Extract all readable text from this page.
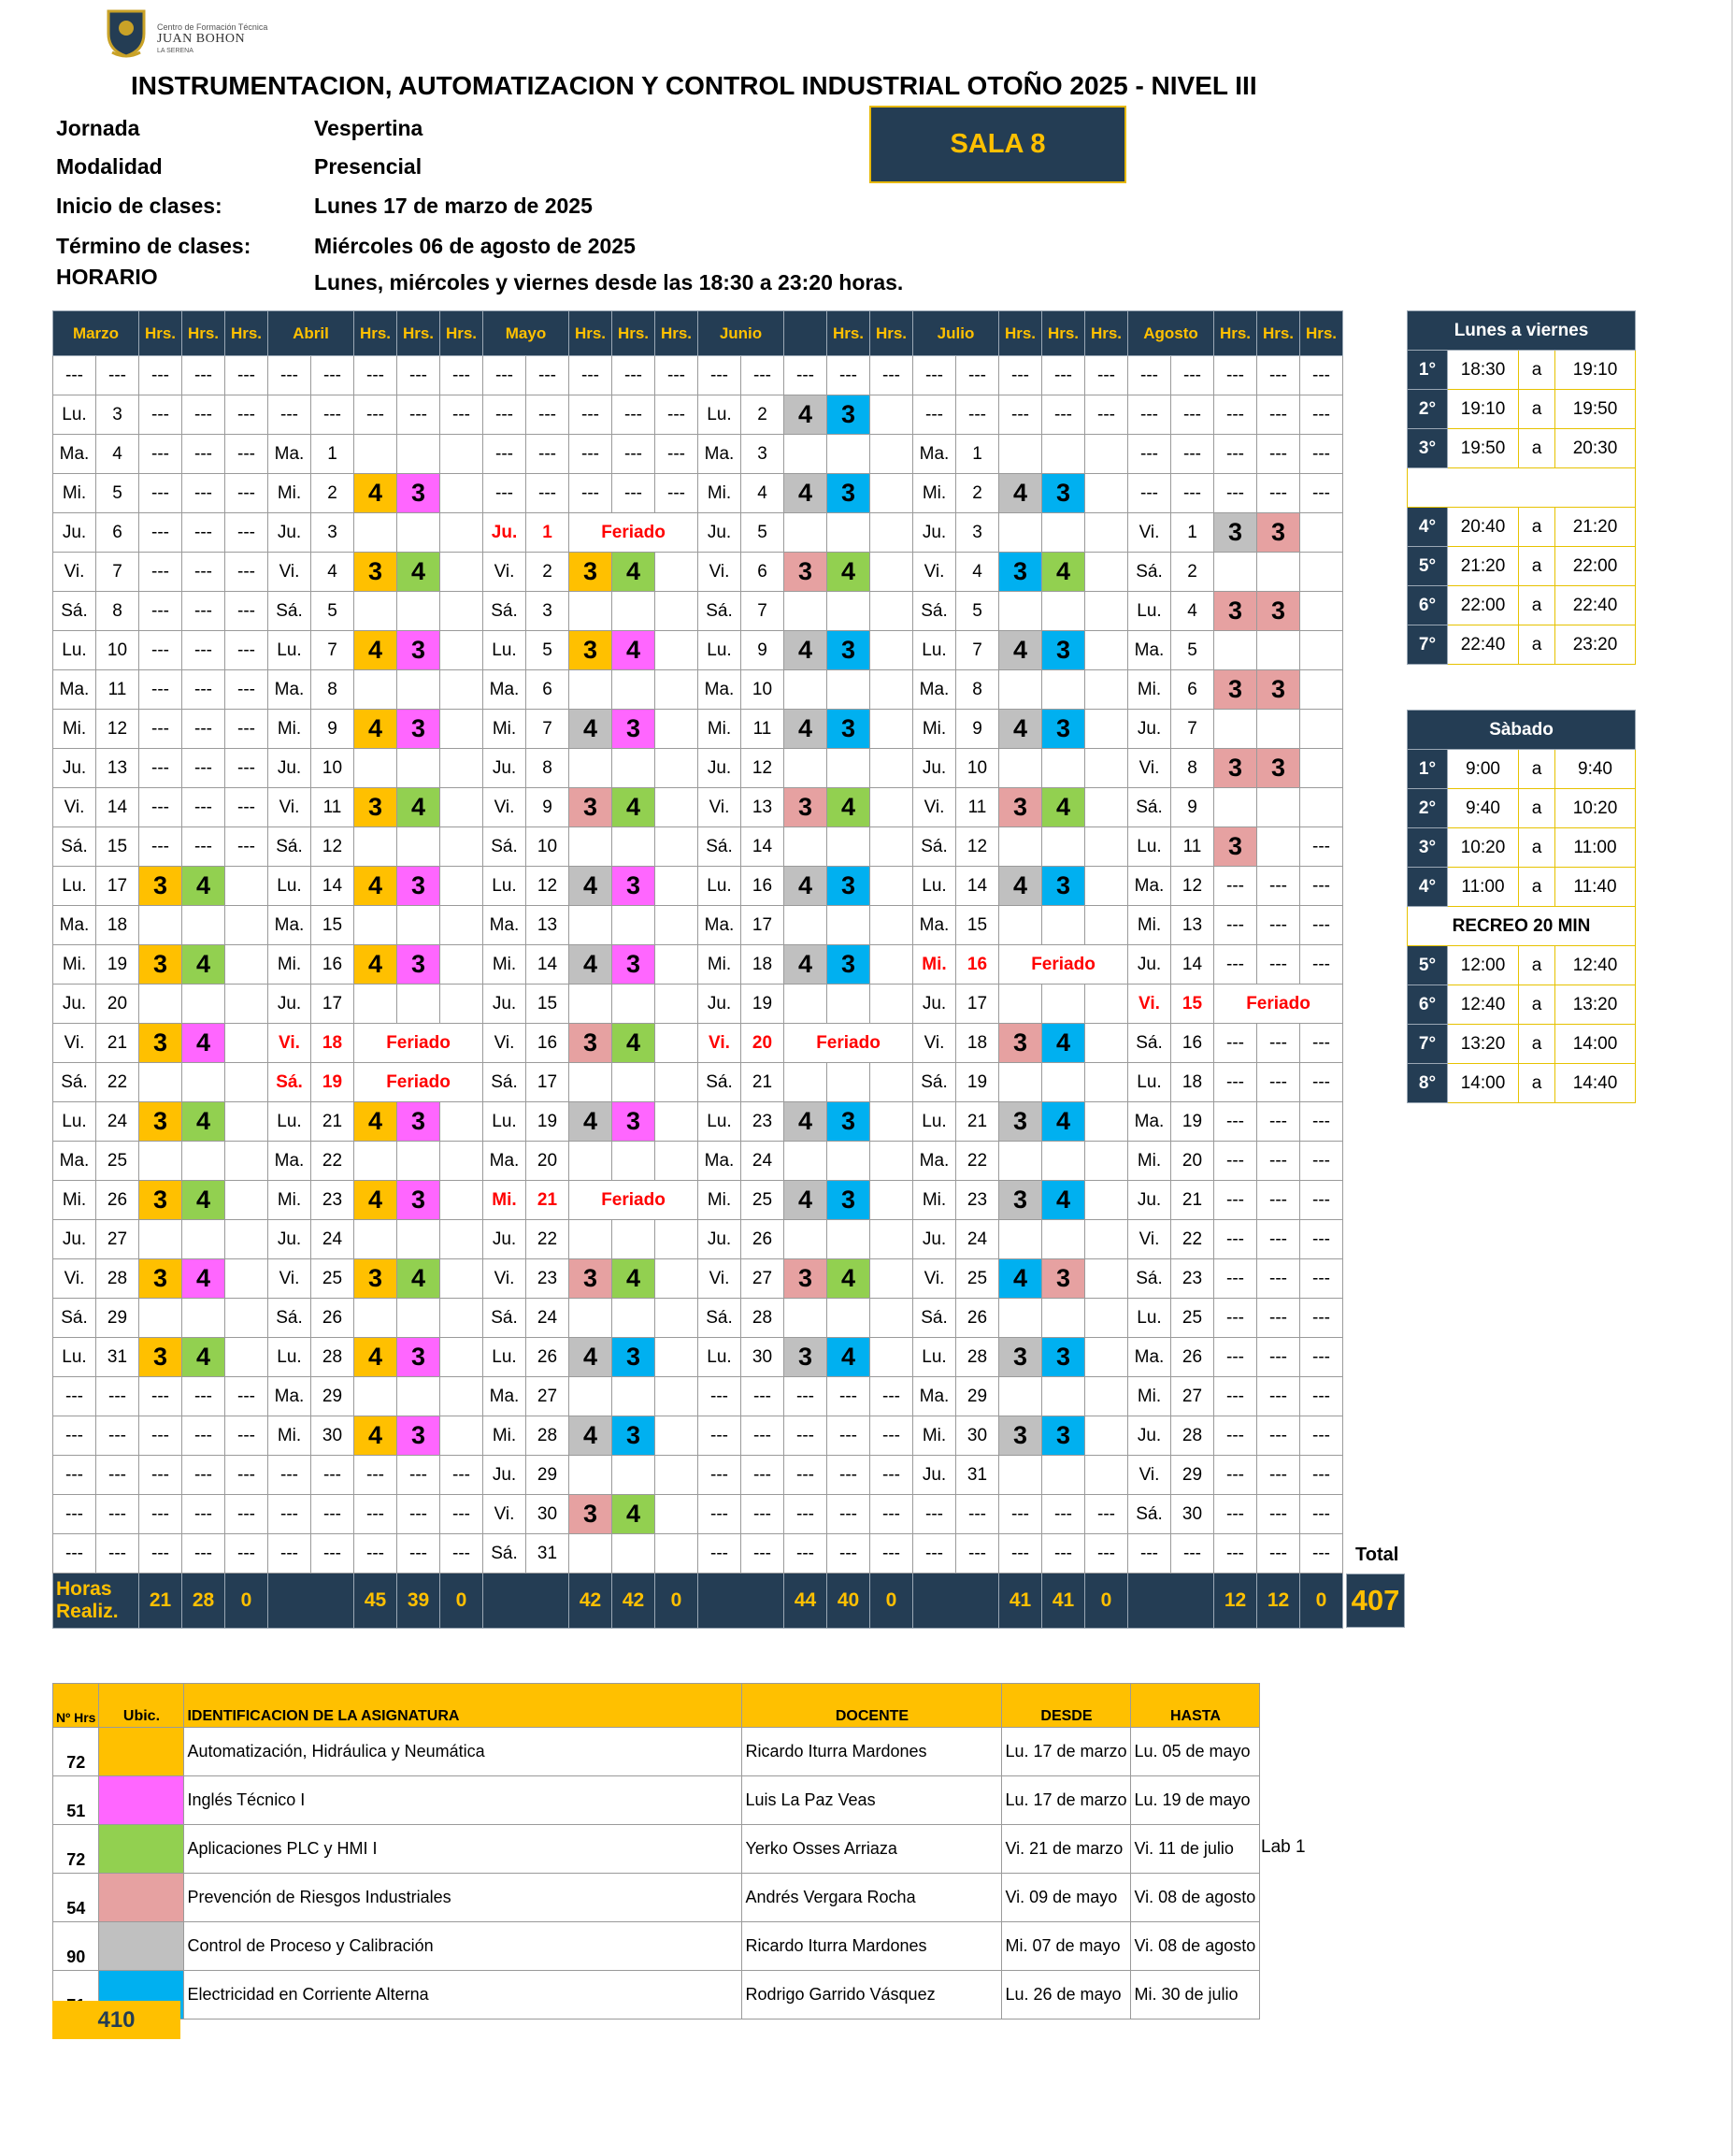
Centro de Formación Técnica
JUAN BOHON
LA SERENA
INSTRUMENTACION, AUTOMATIZACION Y CONTROL INDUSTRIAL OTOÑO 2025 - NIVEL III
Jornada	Vespertina
Modalidad	Presencial
Inicio de clases:	Lunes 17 de marzo de 2025
Término de clases:	Miércoles 06 de agosto de 2025
HORARIO	Lunes, miércoles y viernes desde las 18:30 a 23:20 horas.
SALA 8
Marzo		Hrs.	Hrs.	Hrs.	Abril		Hrs.	Hrs.	Hrs.	Mayo		Hrs.	Hrs.	Hrs.	Junio			Hrs.	Hrs.	Julio		Hrs.	Hrs.	Hrs.	Agosto		Hrs.	Hrs.	Hrs.
---	---	---	---	---	---	---	---	---	---	---	---	---	---	---	---	---	---	---	---	---	---	---	---	---	---	---	---	---	---
Lu.	3	---	---	---	---	---	---	---	---	---	---	---	---	---	Lu.	2	4	3		---	---	---	---	---	---	---	---	---	---
Ma.	4	---	---	---	Ma.	1				---	---	---	---	---	Ma.	3				Ma.	1				---	---	---	---	---
Mi.	5	---	---	---	Mi.	2	4	3		---	---	---	---	---	Mi.	4	4	3		Mi.	2	4	3		---	---	---	---	---
Ju.	6	---	---	---	Ju.	3				Ju.	1	Feriado			Ju.	5				Ju.	3				Vi.	1	3	3	
Vi.	7	---	---	---	Vi.	4	3	4		Vi.	2	3	4		Vi.	6	3	4		Vi.	4	3	4		Sá.	2			
Sá.	8	---	---	---	Sá.	5				Sá.	3				Sá.	7				Sá.	5				Lu.	4	3	3	
Lu.	10	---	---	---	Lu.	7	4	3		Lu.	5	3	4		Lu.	9	4	3		Lu.	7	4	3		Ma.	5			
Ma.	11	---	---	---	Ma.	8				Ma.	6				Ma.	10				Ma.	8				Mi.	6	3	3	
Mi.	12	---	---	---	Mi.	9	4	3		Mi.	7	4	3		Mi.	11	4	3		Mi.	9	4	3		Ju.	7			
Ju.	13	---	---	---	Ju.	10				Ju.	8				Ju.	12				Ju.	10				Vi.	8	3	3	
Vi.	14	---	---	---	Vi.	11	3	4		Vi.	9	3	4		Vi.	13	3	4		Vi.	11	3	4		Sá.	9			
Sá.	15	---	---	---	Sá.	12				Sá.	10				Sá.	14				Sá.	12				Lu.	11	3		---
Lu.	17	3	4		Lu.	14	4	3		Lu.	12	4	3		Lu.	16	4	3		Lu.	14	4	3		Ma.	12	---	---	---
Ma.	18				Ma.	15				Ma.	13				Ma.	17				Ma.	15				Mi.	13	---	---	---
Mi.	19	3	4		Mi.	16	4	3		Mi.	14	4	3		Mi.	18	4	3		Mi.	16	Feriado			Ju.	14	---	---	---
Ju.	20				Ju.	17				Ju.	15				Ju.	19				Ju.	17				Vi.	15	Feriado		
Vi.	21	3	4		Vi.	18	Feriado			Vi.	16	3	4		Vi.	20	Feriado			Vi.	18	3	4		Sá.	16	---	---	---
Sá.	22				Sá.	19	Feriado			Sá.	17				Sá.	21				Sá.	19				Lu.	18	---	---	---
Lu.	24	3	4		Lu.	21	4	3		Lu.	19	4	3		Lu.	23	4	3		Lu.	21	3	4		Ma.	19	---	---	---
Ma.	25				Ma.	22				Ma.	20				Ma.	24				Ma.	22				Mi.	20	---	---	---
Mi.	26	3	4		Mi.	23	4	3		Mi.	21	Feriado			Mi.	25	4	3		Mi.	23	3	4		Ju.	21	---	---	---
Ju.	27				Ju.	24				Ju.	22				Ju.	26				Ju.	24				Vi.	22	---	---	---
Vi.	28	3	4		Vi.	25	3	4		Vi.	23	3	4		Vi.	27	3	4		Vi.	25	4	3		Sá.	23	---	---	---
Sá.	29				Sá.	26				Sá.	24				Sá.	28				Sá.	26				Lu.	25	---	---	---
Lu.	31	3	4		Lu.	28	4	3		Lu.	26	4	3		Lu.	30	3	4		Lu.	28	3	3		Ma.	26	---	---	---
---	---	---	---	---	Ma.	29				Ma.	27				---	---	---	---	---	Ma.	29				Mi.	27	---	---	---
---	---	---	---	---	Mi.	30	4	3		Mi.	28	4	3		---	---	---	---	---	Mi.	30	3	3		Ju.	28	---	---	---
---	---	---	---	---	---	---	---	---	---	Ju.	29				---	---	---	---	---	Ju.	31				Vi.	29	---	---	---
---	---	---	---	---	---	---	---	---	---	Vi.	30	3	4		---	---	---	---	---	---	---	---	---	---	Sá.	30	---	---	---
---	---	---	---	---	---	---	---	---	---	Sá.	31				---	---	---	---	---	---	---	---	---	---	---	---	---	---	---

Horas
Realiz.		21	28	0			45	39	0			42	42	0			44	40	0			41	41	0			12	12	0
Total
407
Lunes a viernes			
1°	18:30	a	19:10
2°	19:10	a	19:50
3°	19:50	a	20:30

4°	20:40	a	21:20
5°	21:20	a	22:00
6°	22:00	a	22:40
7°	22:40	a	23:20
Sàbado			
1°	9:00	a	9:40
2°	9:40	a	10:20
3°	10:20	a	11:00
4°	11:00	a	11:40
RECREO 20 MIN			
5°	12:00	a	12:40
6°	12:40	a	13:20
7°	13:20	a	14:00
8°	14:00	a	14:40
Nº Hrs	Ubic.	IDENTIFICACION DE LA ASIGNATURA	DOCENTE	DESDE	HASTA
72		Automatización, Hidráulica y Neumática	Ricardo Iturra Mardones	Lu. 17 de marzo	Lu. 05 de mayo
51		Inglés Técnico I	Luis La Paz Veas	Lu. 17 de marzo	Lu. 19 de mayo
72		Aplicaciones PLC y HMI I	Yerko Osses Arriaza	Vi. 21 de marzo	Vi. 11 de julio
54		Prevención de Riesgos Industriales	Andrés Vergara Rocha	Vi. 09 de mayo	Vi. 08 de agosto
90		Control de Proceso y Calibración	Ricardo Iturra Mardones	Mi. 07 de mayo	Vi. 08 de agosto
		Electricidad en Corriente Alterna	Rodrigo Garrido Vásquez	Lu. 26 de mayo	Mi. 30 de julio
410
Lab 1
